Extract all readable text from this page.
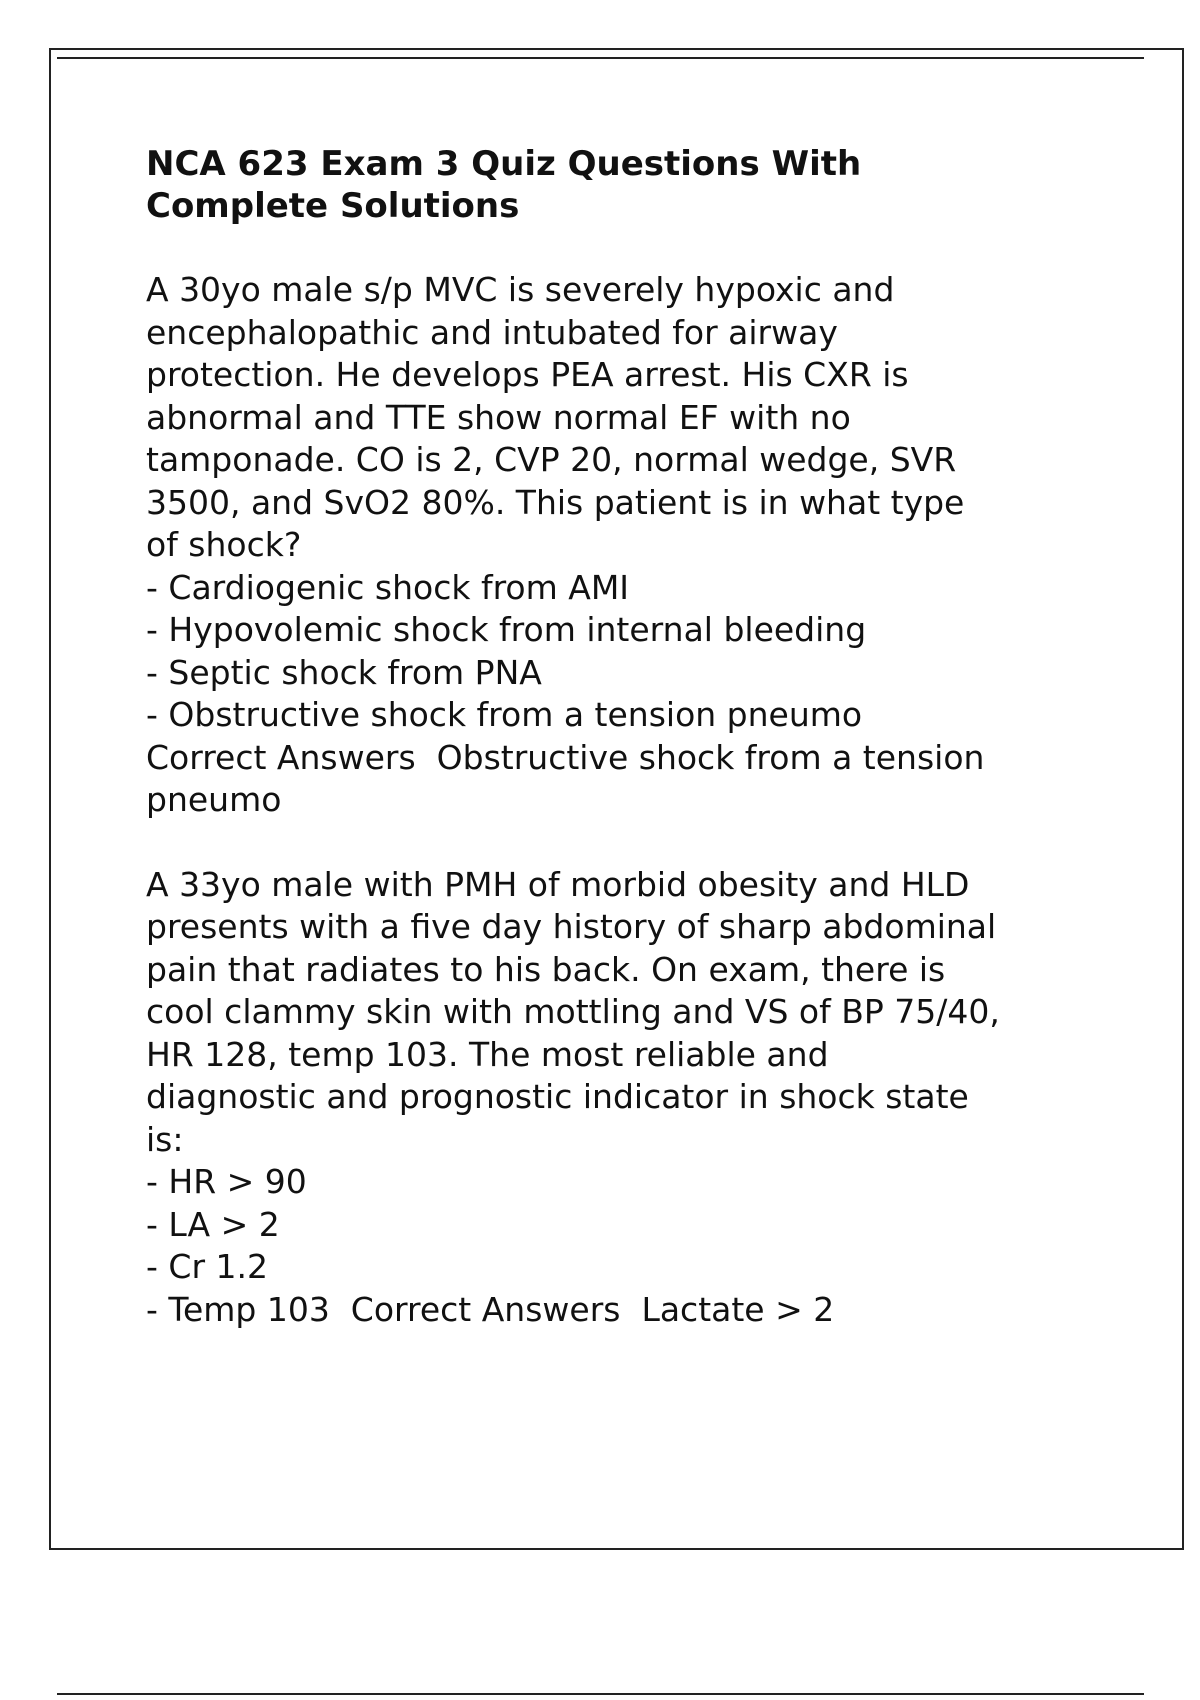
NCA 623 Exam 3 Quiz Questions With
Complete Solutions
A 30yo male s/p MVC is severely hypoxic and
encephalopathic and intubated for airway
protection. He develops PEA arrest. His CXR is
abnormal and TTE show normal EF with no
tamponade. CO is 2, CVP 20, normal wedge, SVR
3500, and SvO2 80%. This patient is in what type
of shock?
- Cardiogenic shock from AMI
- Hypovolemic shock from internal bleeding
- Septic shock from PNA
- Obstructive shock from a tension pneumo
Correct Answers  Obstructive shock from a tension
pneumo
A 33yo male with PMH of morbid obesity and HLD
presents with a five day history of sharp abdominal
pain that radiates to his back. On exam, there is
cool clammy skin with mottling and VS of BP 75/40,
HR 128, temp 103. The most reliable and
diagnostic and prognostic indicator in shock state
is:
- HR > 90
- LA > 2
- Cr 1.2
- Temp 103  Correct Answers  Lactate > 2
